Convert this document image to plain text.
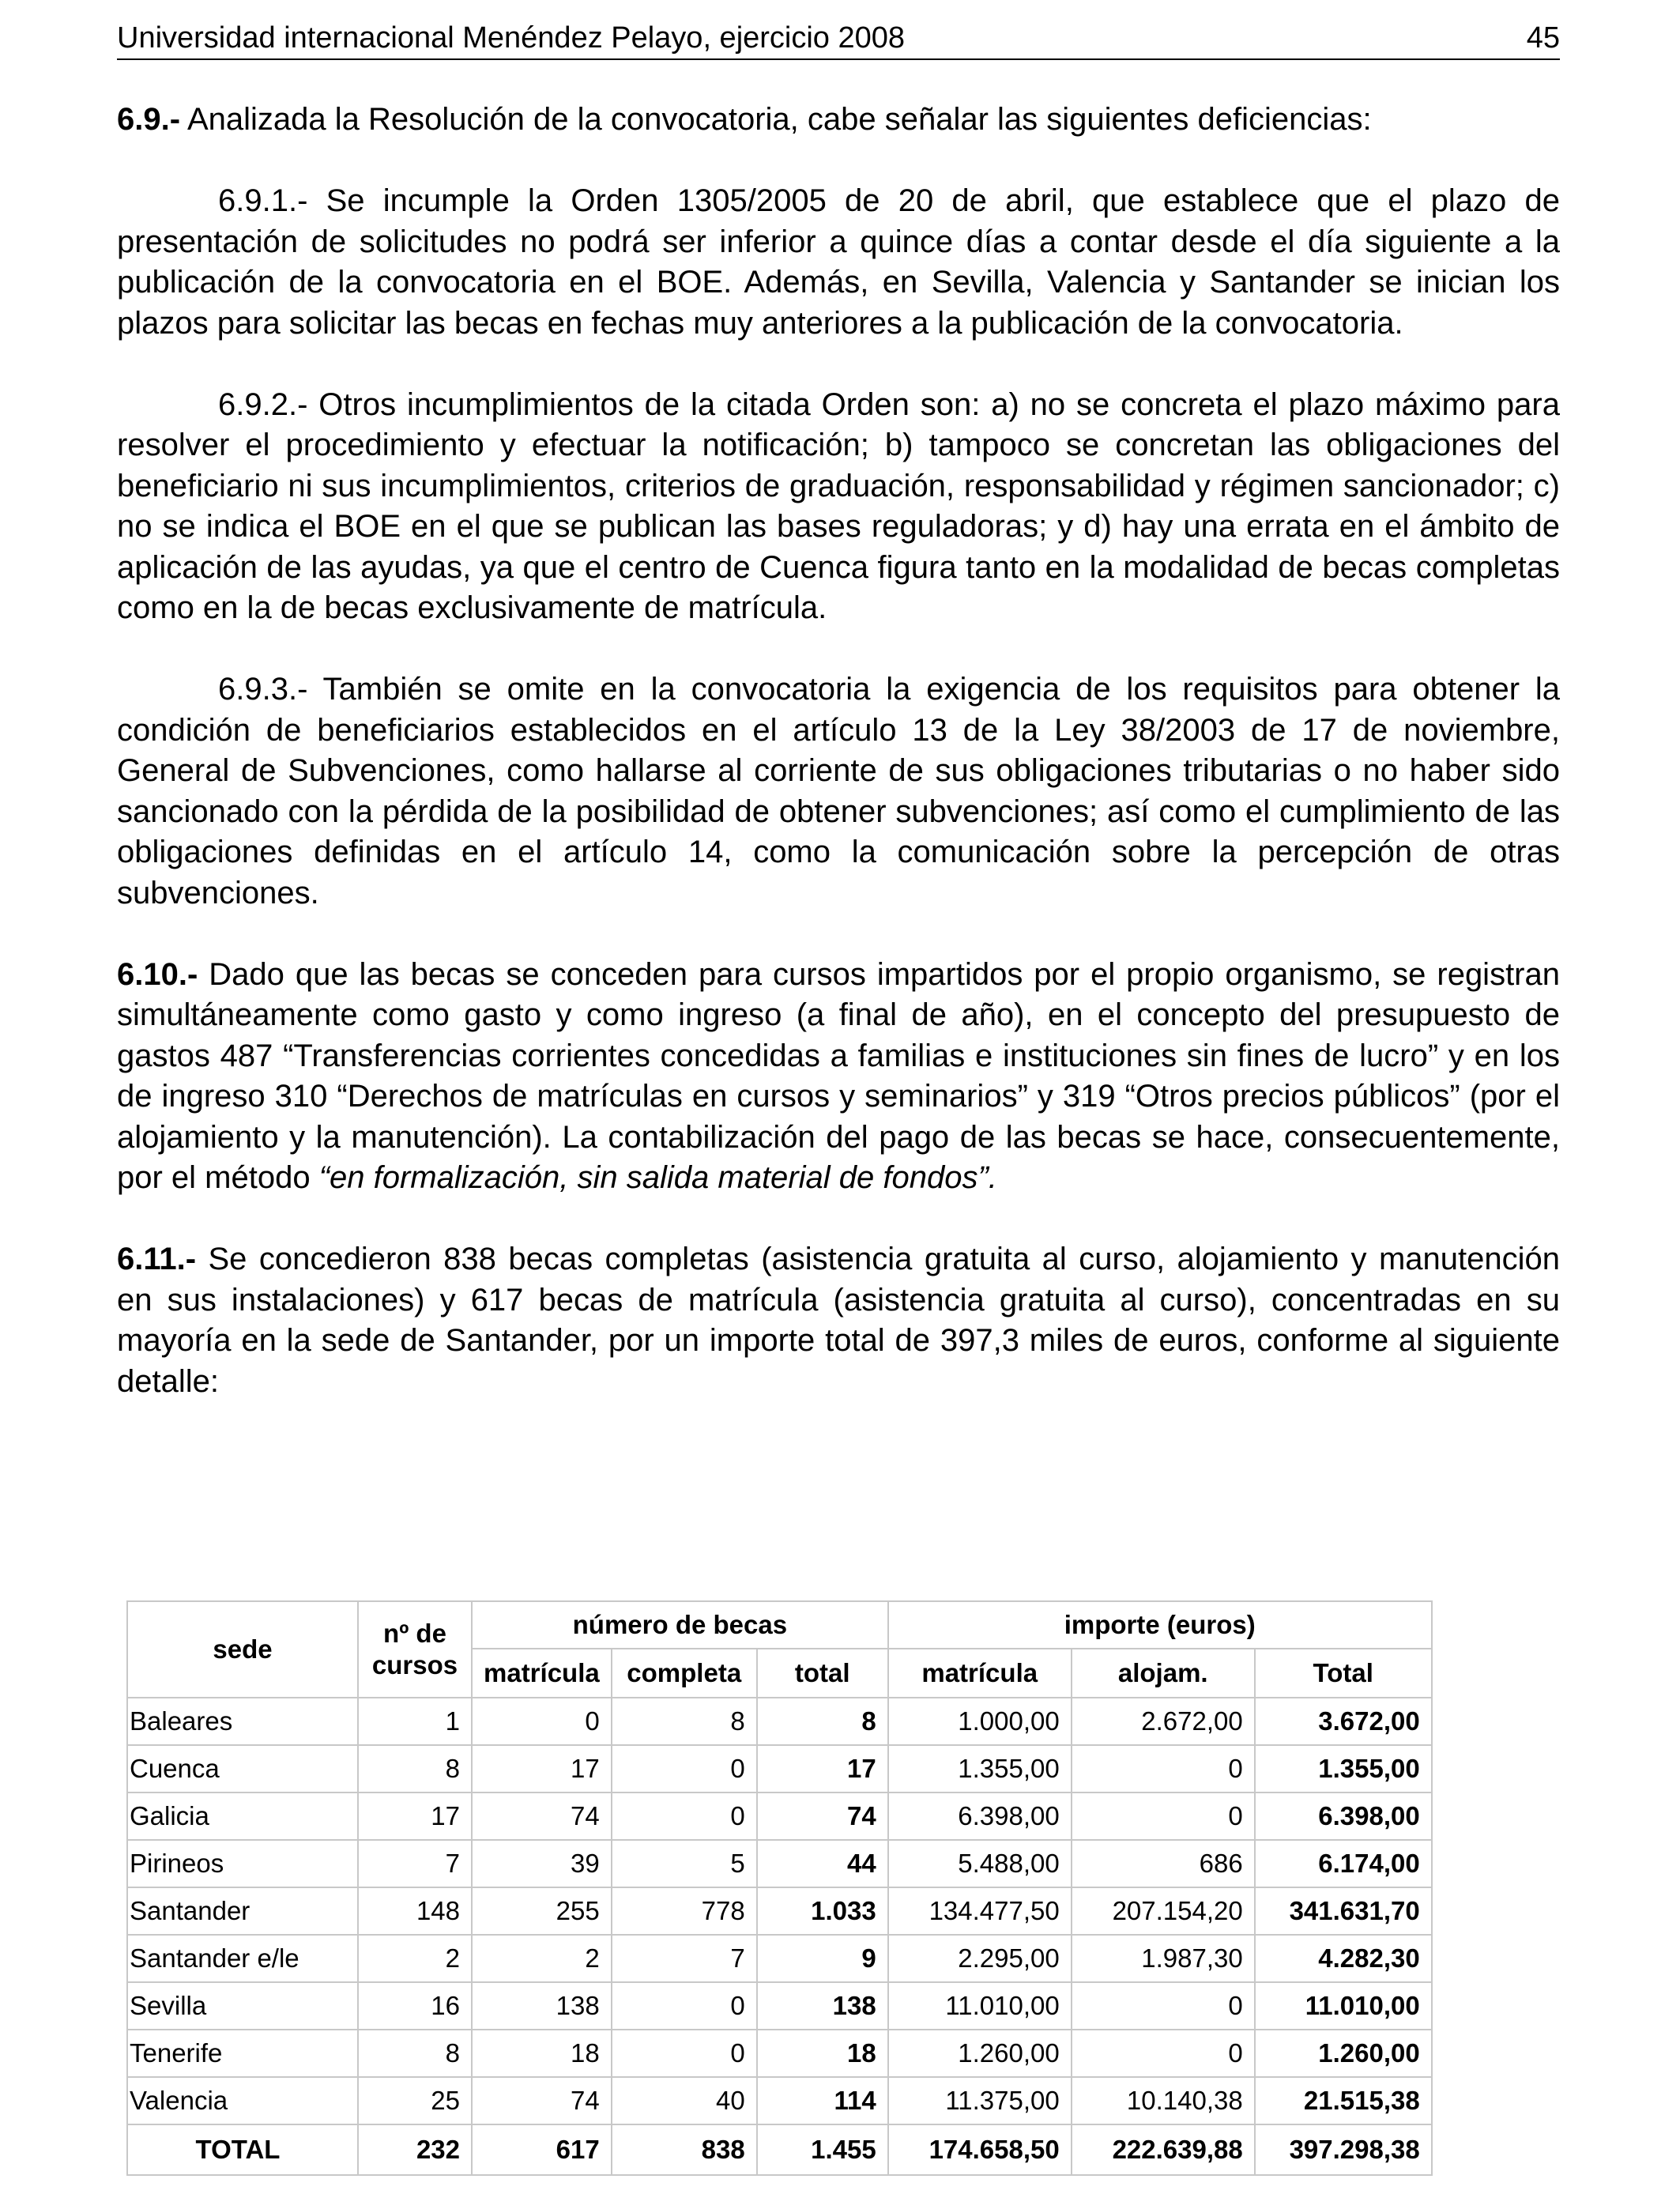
Universidad internacional Menéndez Pelayo, ejercicio 2008	45

6.9.- Analizada la Resolución de la convocatoria, cabe señalar las siguientes deficiencias:

6.9.1.- Se incumple la Orden 1305/2005 de 20 de abril, que establece que el plazo de presentación de solicitudes no podrá ser inferior a quince días a contar desde el día siguiente a la publicación de la convocatoria en el BOE. Además, en Sevilla, Valencia y Santander se inician los plazos para solicitar las becas en fechas muy anteriores a la publicación de la convocatoria.

6.9.2.- Otros incumplimientos de la citada Orden son: a) no se concreta el plazo máximo para resolver el procedimiento y efectuar la notificación; b) tampoco se concretan las obligaciones del beneficiario ni sus incumplimientos, criterios de graduación, responsabilidad y régimen sancionador; c) no se indica el BOE en el que se publican las bases reguladoras; y d) hay una errata en el ámbito de aplicación de las ayudas, ya que el centro de Cuenca figura tanto en la modalidad de becas completas como en la de becas exclusivamente de matrícula.

6.9.3.- También se omite en la convocatoria la exigencia de los requisitos para obtener la condición de beneficiarios establecidos en el artículo 13 de la Ley 38/2003 de 17 de noviembre, General de Subvenciones, como hallarse al corriente de sus obligaciones tributarias o no haber sido sancionado con la pérdida de la posibilidad de obtener subvenciones; así como el cumplimiento de las obligaciones definidas en el artículo 14, como la comunicación sobre la percepción de otras subvenciones.

6.10.- Dado que las becas se conceden para cursos impartidos por el propio organismo, se registran simultáneamente como gasto y como ingreso (a final de año), en el concepto del presupuesto de gastos 487 “Transferencias corrientes concedidas a familias e instituciones sin fines de lucro” y en los de ingreso 310 “Derechos de matrículas en cursos y seminarios” y 319 “Otros precios públicos” (por el alojamiento y la manutención). La contabilización del pago de las becas se hace, consecuentemente, por el método “en formalización, sin salida material de fondos”.

6.11.- Se concedieron 838 becas completas (asistencia gratuita al curso, alojamiento y manutención en sus instalaciones) y 617 becas de matrícula (asistencia gratuita al curso), concentradas en su mayoría en la sede de Santander, por un importe total de 397,3 miles de euros, conforme al siguiente detalle:

sede	nº de cursos	número de becas			importe (euros)		
		matrícula	completa	total	matrícula	alojam.	Total
Baleares	1	0	8	8	1.000,00	2.672,00	3.672,00
Cuenca	8	17	0	17	1.355,00	0	1.355,00
Galicia	17	74	0	74	6.398,00	0	6.398,00
Pirineos	7	39	5	44	5.488,00	686	6.174,00
Santander	148	255	778	1.033	134.477,50	207.154,20	341.631,70
Santander e/le	2	2	7	9	2.295,00	1.987,30	4.282,30
Sevilla	16	138	0	138	11.010,00	0	11.010,00
Tenerife	8	18	0	18	1.260,00	0	1.260,00
Valencia	25	74	40	114	11.375,00	10.140,38	21.515,38
TOTAL	232	617	838	1.455	174.658,50	222.639,88	397.298,38
